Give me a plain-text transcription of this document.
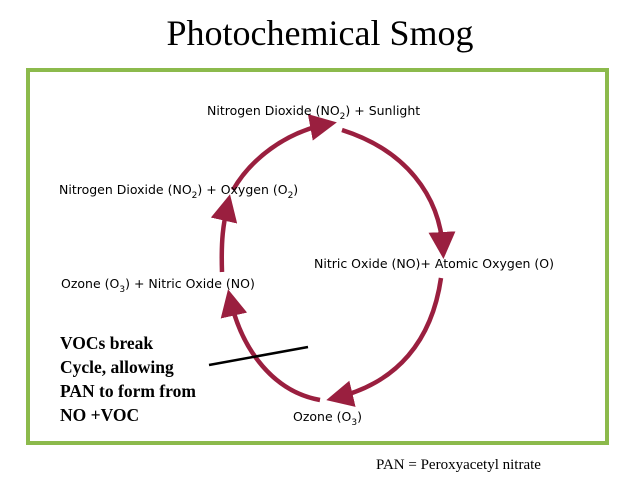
Photochemical Smog
Nitrogen Dioxide $(NO_2)$ + Sunlight
Nitric Oxide (NO)+ Atomic Oxygen (O)
Ozone $(O_3)$
Ozone $(O_3)$ + Nitric Oxide (NO)
Nitrogen Dioxide $(NO_2)$ + Oxygen $(O_2)$
VOCs break
Cycle, allowing
PAN to form from
NO +VOC
PAN = Peroxyacetyl nitrate
